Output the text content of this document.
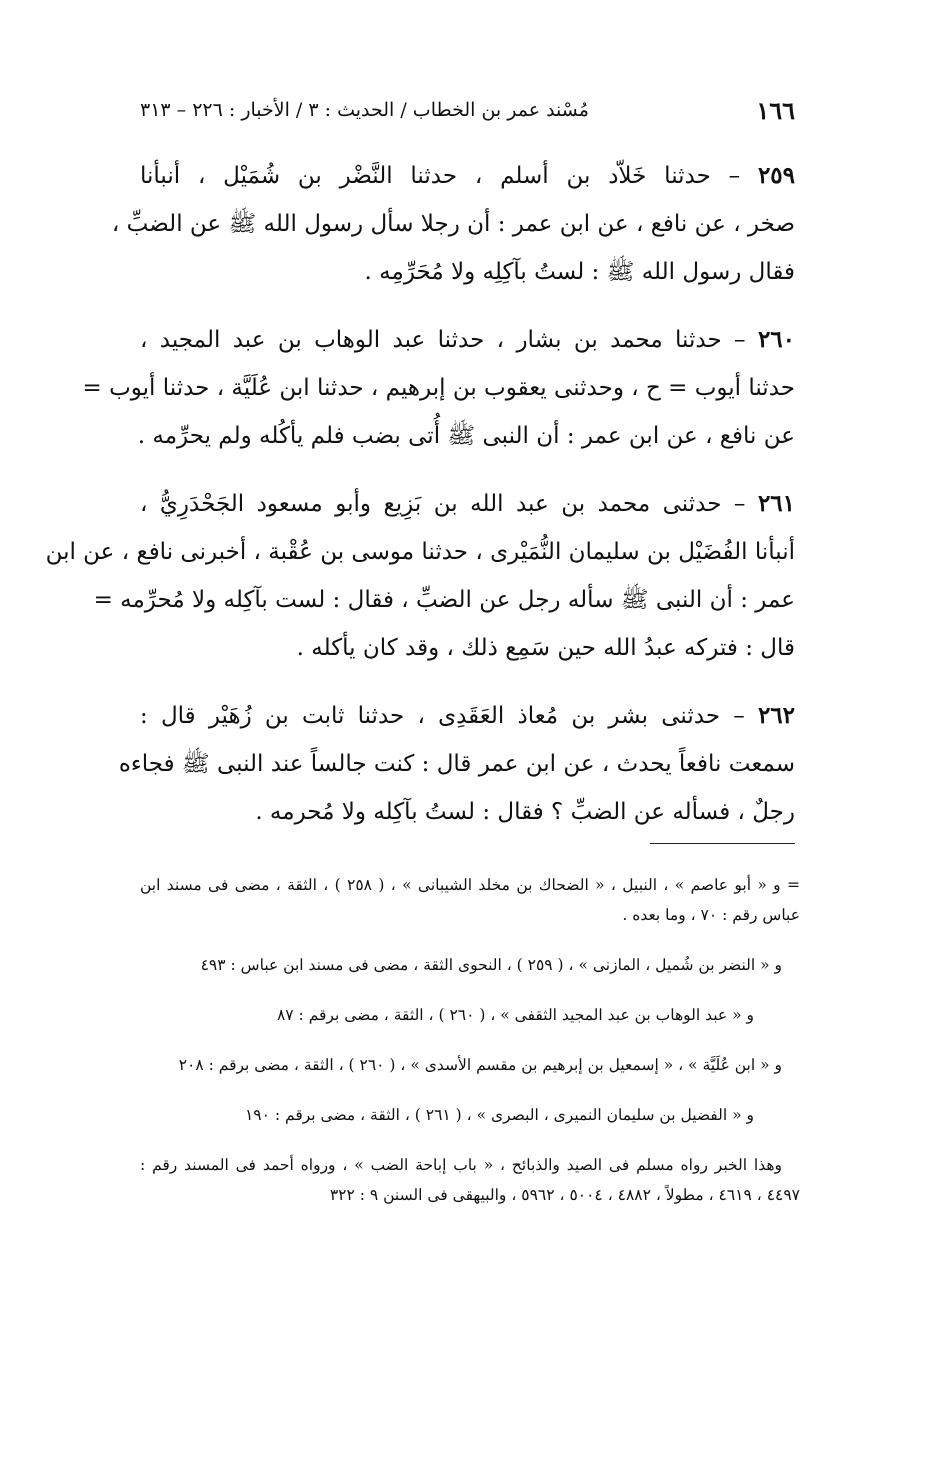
١٦٦
مُسْند عمر بن الخطاب / الحديث : ٣ / الأخبار : ٢٢٦ – ٣١٣
٢٥٩ – حدثنا خَلاّد بن أسلم ، حدثنا النَّضْر بن شُمَيْل ، أنبأنا
صخر ، عن نافع ، عن ابن عمر : أن رجلا سأل رسول الله ﷺ عن الضبِّ ،
فقال رسول الله ﷺ : لستُ بآكِلِه ولا مُحَرِّمِه .
٢٦٠ – حدثنا محمد بن بشار ، حدثنا عبد الوهاب بن عبد المجيد ،
حدثنا أيوب = ح ، وحدثنى يعقوب بن إبرهيم ، حدثنا ابن عُلَيَّة ، حدثنا أيوب =
عن نافع ، عن ابن عمر : أن النبى ﷺ أُتى بضب فلم يأكُله ولم يحرِّمه .
٢٦١ – حدثنى محمد بن عبد الله بن بَزِيع وأبو مسعود الجَحْدَرِيُّ ،
أنبأنا الفُضَيْل بن سليمان النُّمَيْرى ، حدثنا موسى بن عُقْبة ، أخبرنى نافع ، عن ابن
عمر : أن النبى ﷺ سأله رجل عن الضبِّ ، فقال : لست بآكِله ولا مُحرِّمه =
قال : فتركه عبدُ الله حين سَمِع ذلك ، وقد كان يأكله .
٢٦٢ – حدثنى بشر بن مُعاذ العَقَدِى ، حدثنا ثابت بن زُهَيْر قال :
سمعت نافعاً يحدث ، عن ابن عمر قال : كنت جالساً عند النبى ﷺ فجاءه
رجلٌ ، فسأله عن الضبِّ ؟ فقال : لستُ بآكِله ولا مُحرمه .
= و « أبو عاصم » ، النبيل ، « الضحاك بن مخلد الشيبانى » ، ( ٢٥٨ ) ، الثقة ، مضى فى مسند ابن
عباس رقم : ٧٠ ، وما بعده .
و « النضر بن شُميل ، المازنى » ، ( ٢٥٩ ) ، النحوى الثقة ، مضى فى مسند ابن عباس : ٤٩٣
و « عبد الوهاب بن عبد المجيد الثقفى » ، ( ٢٦٠ ) ، الثقة ، مضى برقم : ٨٧
و « ابن عُلَيَّة » ، « إسمعيل بن إبرهيم بن مقسم الأسدى » ، ( ٢٦٠ ) ، الثقة ، مضى برقم : ٢٠٨
و « الفضيل بن سليمان النميرى ، البصرى » ، ( ٢٦١ ) ، الثقة ، مضى برقم : ١٩٠
وهذا الخبر رواه مسلم فى الصيد والذبائح ، « باب إباحة الضب » ، ورواه أحمد فى المسند رقم :
٤٤٩٧ ، ٤٦١٩ ، مطولاً ، ٤٨٨٢ ، ٥٠٠٤ ، ٥٩٦٢ ، والبيهقى فى السنن ٩ : ٣٢٢
